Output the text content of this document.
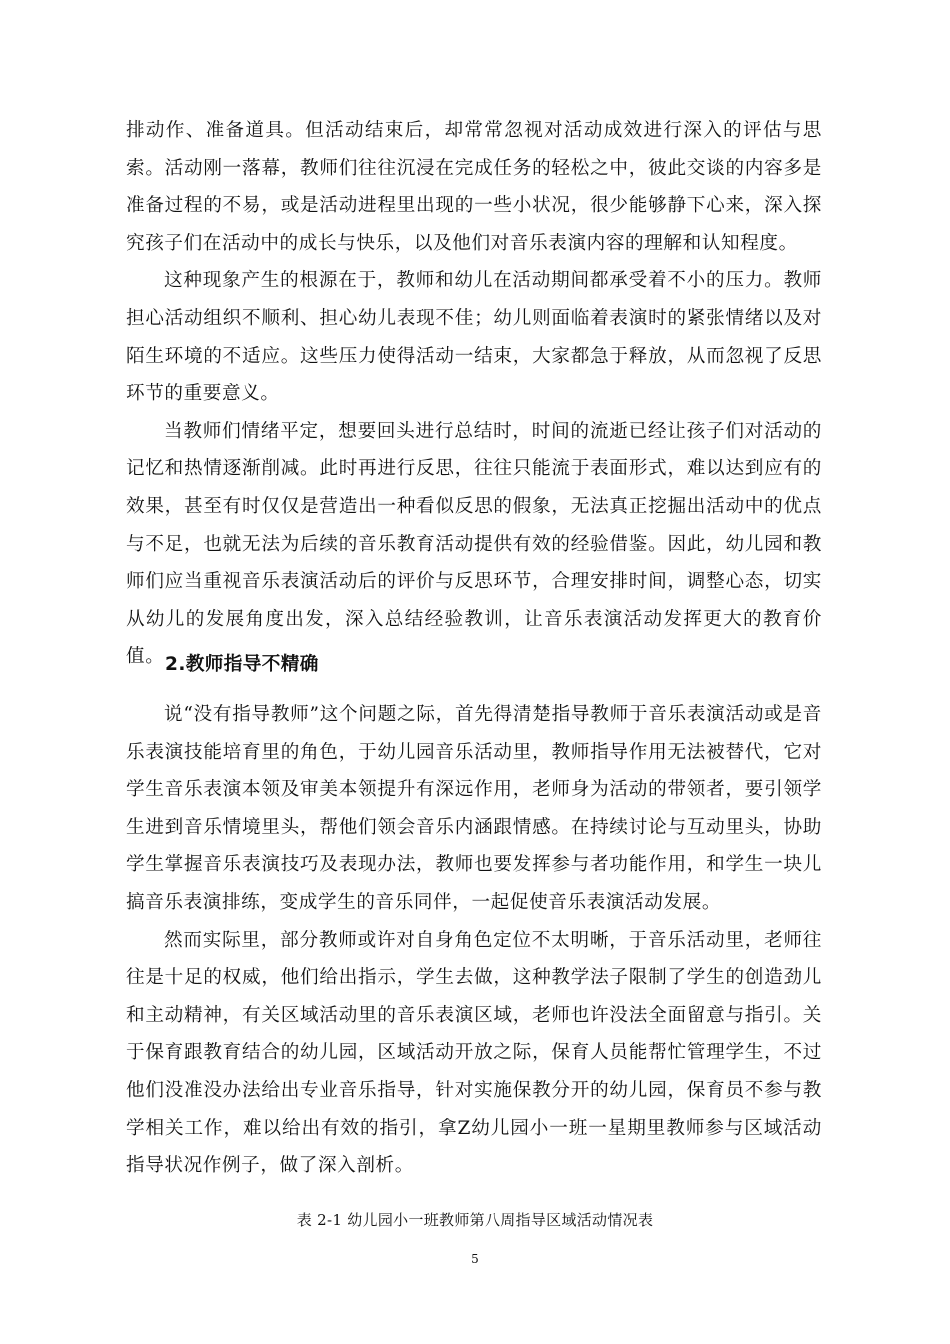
排动作、准备道具。但活动结束后，却常常忽视对活动成效进行深入的评估与思索。活动刚一落幕，教师们往往沉浸在完成任务的轻松之中，彼此交谈的内容多是准备过程的不易，或是活动进程里出现的一些小状况，很少能够静下心来，深入探究孩子们在活动中的成长与快乐，以及他们对音乐表演内容的理解和认知程度。

这种现象产生的根源在于，教师和幼儿在活动期间都承受着不小的压力。教师担心活动组织不顺利、担心幼儿表现不佳；幼儿则面临着表演时的紧张情绪以及对陌生环境的不适应。这些压力使得活动一结束，大家都急于释放，从而忽视了反思环节的重要意义。

当教师们情绪平定，想要回头进行总结时，时间的流逝已经让孩子们对活动的记忆和热情逐渐削减。此时再进行反思，往往只能流于表面形式，难以达到应有的效果，甚至有时仅仅是营造出一种看似反思的假象，无法真正挖掘出活动中的优点与不足，也就无法为后续的音乐教育活动提供有效的经验借鉴。因此，幼儿园和教师们应当重视音乐表演活动后的评价与反思环节，合理安排时间，调整心态，切实从幼儿的发展角度出发，深入总结经验教训，让音乐表演活动发挥更大的教育价值。 2.教师指导不精确

说“没有指导教师”这个问题之际，首先得清楚指导教师于音乐表演活动或是音乐表演技能培育里的角色，于幼儿园音乐活动里，教师指导作用无法被替代，它对学生音乐表演本领及审美本领提升有深远作用，老师身为活动的带领者，要引领学生进到音乐情境里头，帮他们领会音乐内涵跟情感。在持续讨论与互动里头，协助学生掌握音乐表演技巧及表现办法，教师也要发挥参与者功能作用，和学生一块儿搞音乐表演排练，变成学生的音乐同伴，一起促使音乐表演活动发展。

然而实际里，部分教师或许对自身角色定位不太明晰，于音乐活动里，老师往往是十足的权威，他们给出指示，学生去做，这种教学法子限制了学生的创造劲儿和主动精神，有关区域活动里的音乐表演区域，老师也许没法全面留意与指引。关于保育跟教育结合的幼儿园，区域活动开放之际，保育人员能帮忙管理学生，不过他们没准没办法给出专业音乐指导，针对实施保教分开的幼儿园，保育员不参与教学相关工作，难以给出有效的指引，拿Z幼儿园小一班一星期里教师参与区域活动指导状况作例子，做了深入剖析。

表 2-1 幼儿园小一班教师第八周指导区域活动情况表
5
